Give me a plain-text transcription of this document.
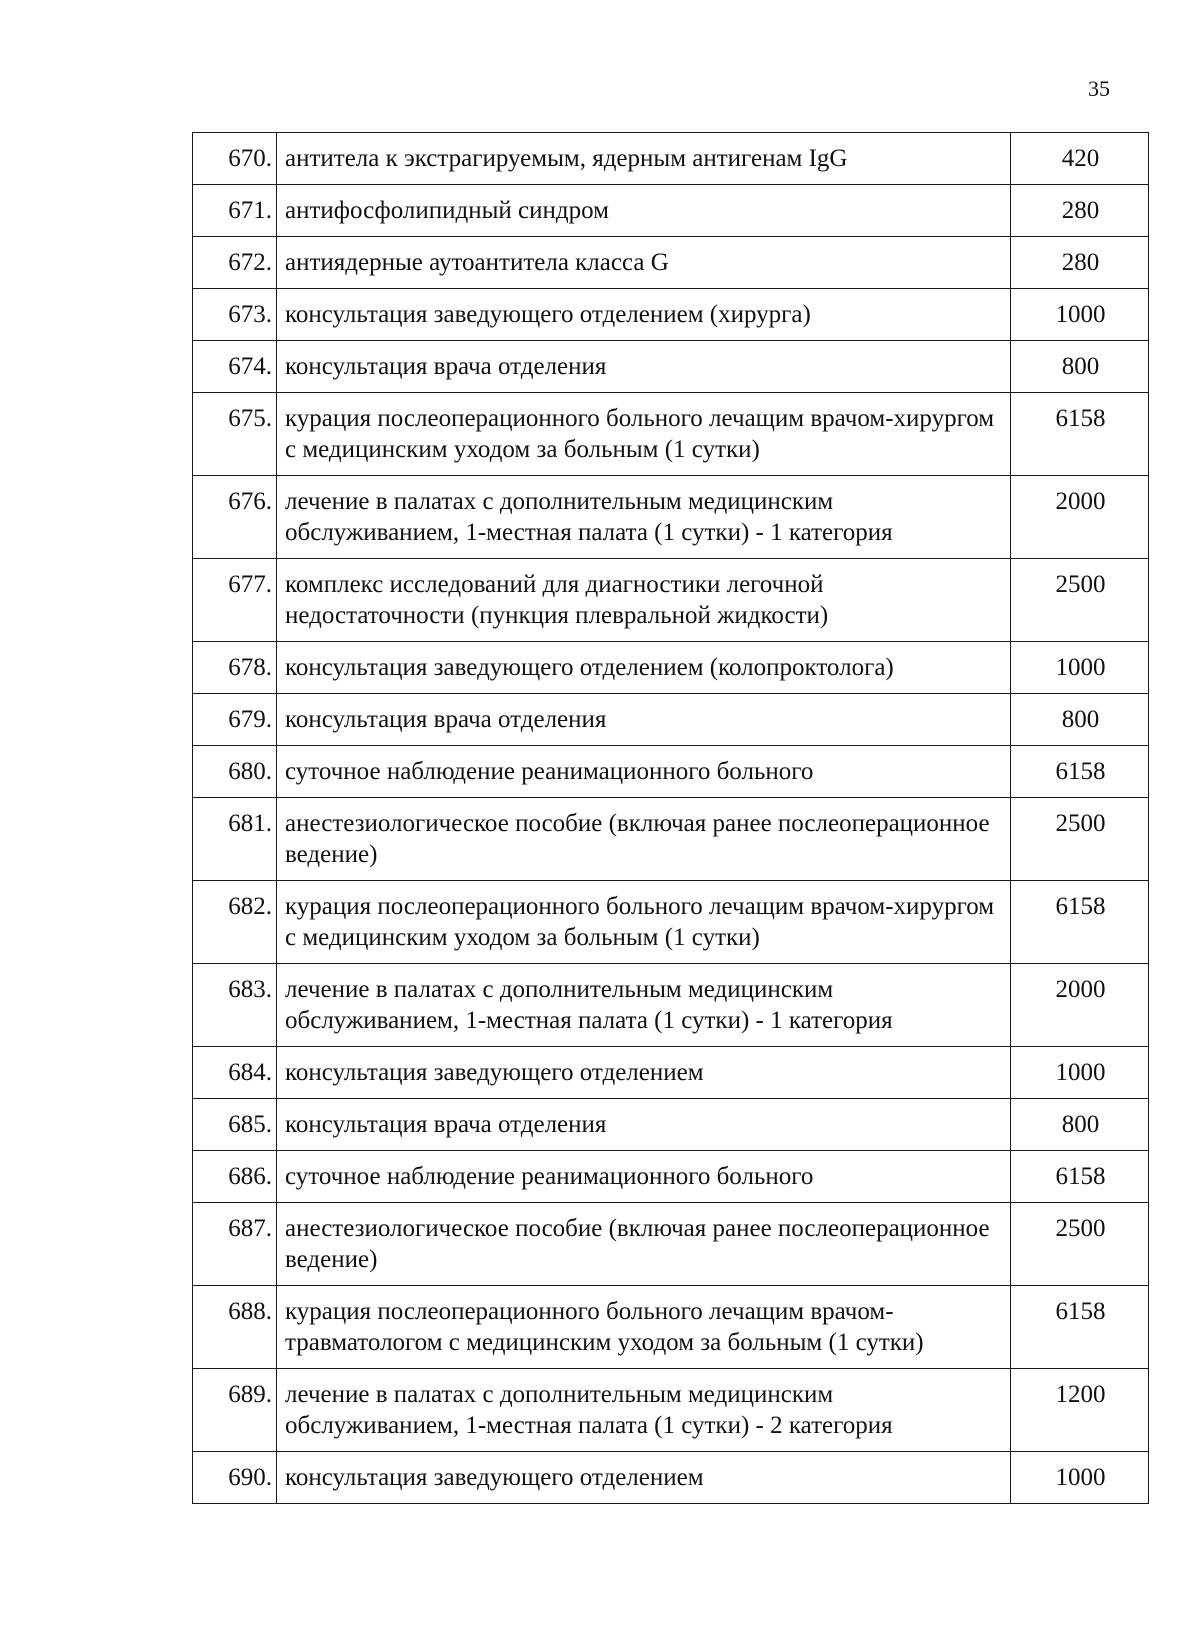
35
670.	антитела к экстрагируемым, ядерным антигенам IgG	420
671.	антифосфолипидный синдром	280
672.	антиядерные аутоантитела класса G	280
673.	консультация заведующего отделением (хирурга)	1000
674.	консультация врача отделения	800
675.	курация послеоперационного больного лечащим врачом-хирургом с медицинским уходом за больным (1 сутки)	6158
676.	лечение в палатах с дополнительным медицинским обслуживанием, 1-местная палата (1 сутки) - 1 категория	2000
677.	комплекс исследований для диагностики легочной недостаточности (пункция плевральной жидкости)	2500
678.	консультация заведующего отделением (колопроктолога)	1000
679.	консультация врача отделения	800
680.	суточное наблюдение реанимационного больного	6158
681.	анестезиологическое пособие (включая ранее послеоперационное ведение)	2500
682.	курация послеоперационного больного лечащим врачом-хирургом с медицинским уходом за больным (1 сутки)	6158
683.	лечение в палатах с дополнительным медицинским обслуживанием, 1-местная палата (1 сутки) - 1 категория	2000
684.	консультация заведующего отделением	1000
685.	консультация врача отделения	800
686.	суточное наблюдение реанимационного больного	6158
687.	анестезиологическое пособие (включая ранее послеоперационное ведение)	2500
688.	курация послеоперационного больного лечащим врачом-травматологом с медицинским уходом за больным (1 сутки)	6158
689.	лечение в палатах с дополнительным медицинским обслуживанием, 1-местная палата (1 сутки) - 2 категория	1200
690.	консультация заведующего отделением	1000
